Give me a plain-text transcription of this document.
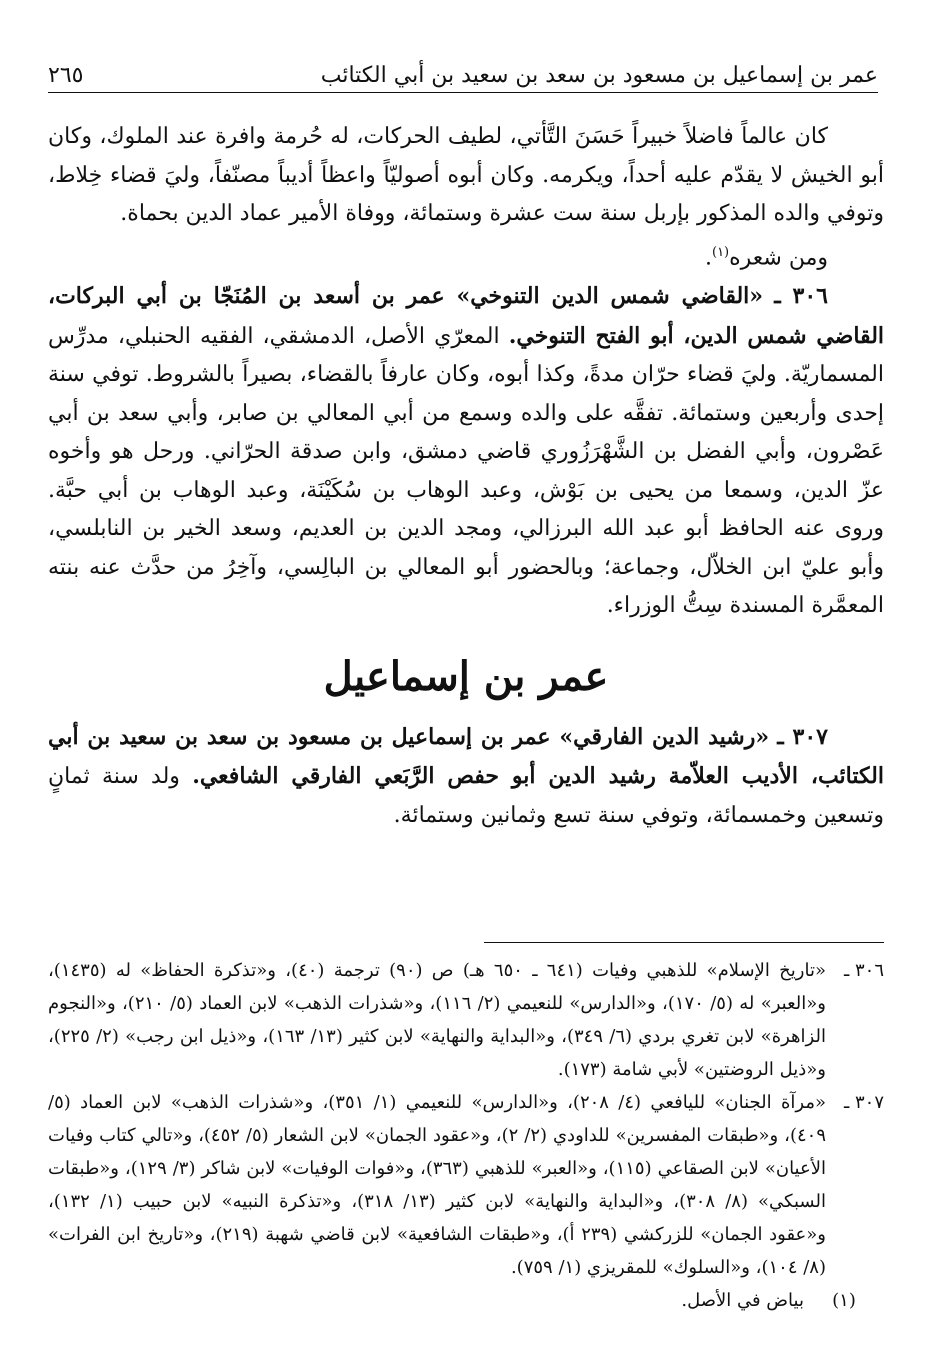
عمر بن إسماعيل بن مسعود بن سعد بن سعيد بن أبي الكتائب
٢٦٥

كان عالماً فاضلاً خبيراً حَسَنَ التَّأتي، لطيف الحركات، له حُرمة وافرة عند الملوك، وكان أبو الخيش لا يقدّم عليه أحداً، ويكرمه. وكان أبوه أصوليّاً واعظاً أديباً مصنّفاً، وليَ قضاء خِلاط، وتوفي والده المذكور بإربل سنة ست عشرة وستمائة، ووفاة الأمير عماد الدين بحماة.

ومن شعره$^{(١)}$.

٣٠٦ ـ «القاضي شمس الدين التنوخي» عمر بن أسعد بن المُنَجّا بن أبي البركات، القاضي شمس الدين، أبو الفتح التنوخي. المعرّي الأصل، الدمشقي، الفقيه الحنبلي، مدرِّس المسماريّة. وليَ قضاء حرّان مدةً، وكذا أبوه، وكان عارفاً بالقضاء، بصيراً بالشروط. توفي سنة إحدى وأربعين وستمائة. تفقَّه على والده وسمع من أبي المعالي بن صابر، وأبي سعد بن أبي عَصْرون، وأبي الفضل بن الشَّهْرَزُوري قاضي دمشق، وابن صدقة الحرّاني. ورحل هو وأخوه عزّ الدين، وسمعا من يحيى بن بَوْش، وعبد الوهاب بن سُكَيْنَة، وعبد الوهاب بن أبي حبَّة. وروى عنه الحافظ أبو عبد الله البرزالي، ومجد الدين بن العديم، وسعد الخير بن النابلسي، وأبو عليّ ابن الخلاّل، وجماعة؛ وبالحضور أبو المعالي بن البالِسي، وآخِرُ من حدَّث عنه بنته المعمَّرة المسندة سِتُّ الوزراء.

عمر بن إسماعيل

٣٠٧ ـ «رشيد الدين الفارقي» عمر بن إسماعيل بن مسعود بن سعد بن سعيد بن أبي الكتائب، الأديب العلاّمة رشيد الدين أبو حفص الرَّبَعي الفارقي الشافعي. ولد سنة ثمانٍ وتسعين وخمسمائة، وتوفي سنة تسع وثمانين وستمائة.

٣٠٦ ـ
«تاريخ الإسلام» للذهبي وفيات (٦٤١ ـ ٦٥٠ هـ) ص (٩٠) ترجمة (٤٠)، و«تذكرة الحفاظ» له (١٤٣٥)، و«العبر» له (٥/ ١٧٠)، و«الدارس» للنعيمي (٢/ ١١٦)، و«شذرات الذهب» لابن العماد (٥/ ٢١٠)، و«النجوم الزاهرة» لابن تغري بردي (٦/ ٣٤٩)، و«البداية والنهاية» لابن كثير (١٣/ ١٦٣)، و«ذيل ابن رجب» (٢/ ٢٢٥)، و«ذيل الروضتين» لأبي شامة (١٧٣).
٣٠٧ ـ
«مرآة الجنان» لليافعي (٤/ ٢٠٨)، و«الدارس» للنعيمي (١/ ٣٥١)، و«شذرات الذهب» لابن العماد (٥/ ٤٠٩)، و«طبقات المفسرين» للداودي (٢/ ٢)، و«عقود الجمان» لابن الشعار (٥/ ٤٥٢)، و«تالي كتاب وفيات الأعيان» لابن الصقاعي (١١٥)، و«العبر» للذهبي (٣٦٣)، و«فوات الوفيات» لابن شاكر (٣/ ١٢٩)، و«طبقات السبكي» (٨/ ٣٠٨)، و«البداية والنهاية» لابن كثير (١٣/ ٣١٨)، و«تذكرة النبيه» لابن حبيب (١/ ١٣٢)، و«عقود الجمان» للزركشي (٢٣٩ أ)، و«طبقات الشافعية» لابن قاضي شهبة (٢١٩)، و«تاريخ ابن الفرات» (٨/ ١٠٤)، و«السلوك» للمقريزي (١/ ٧٥٩).
(١)
بياض في الأصل.
